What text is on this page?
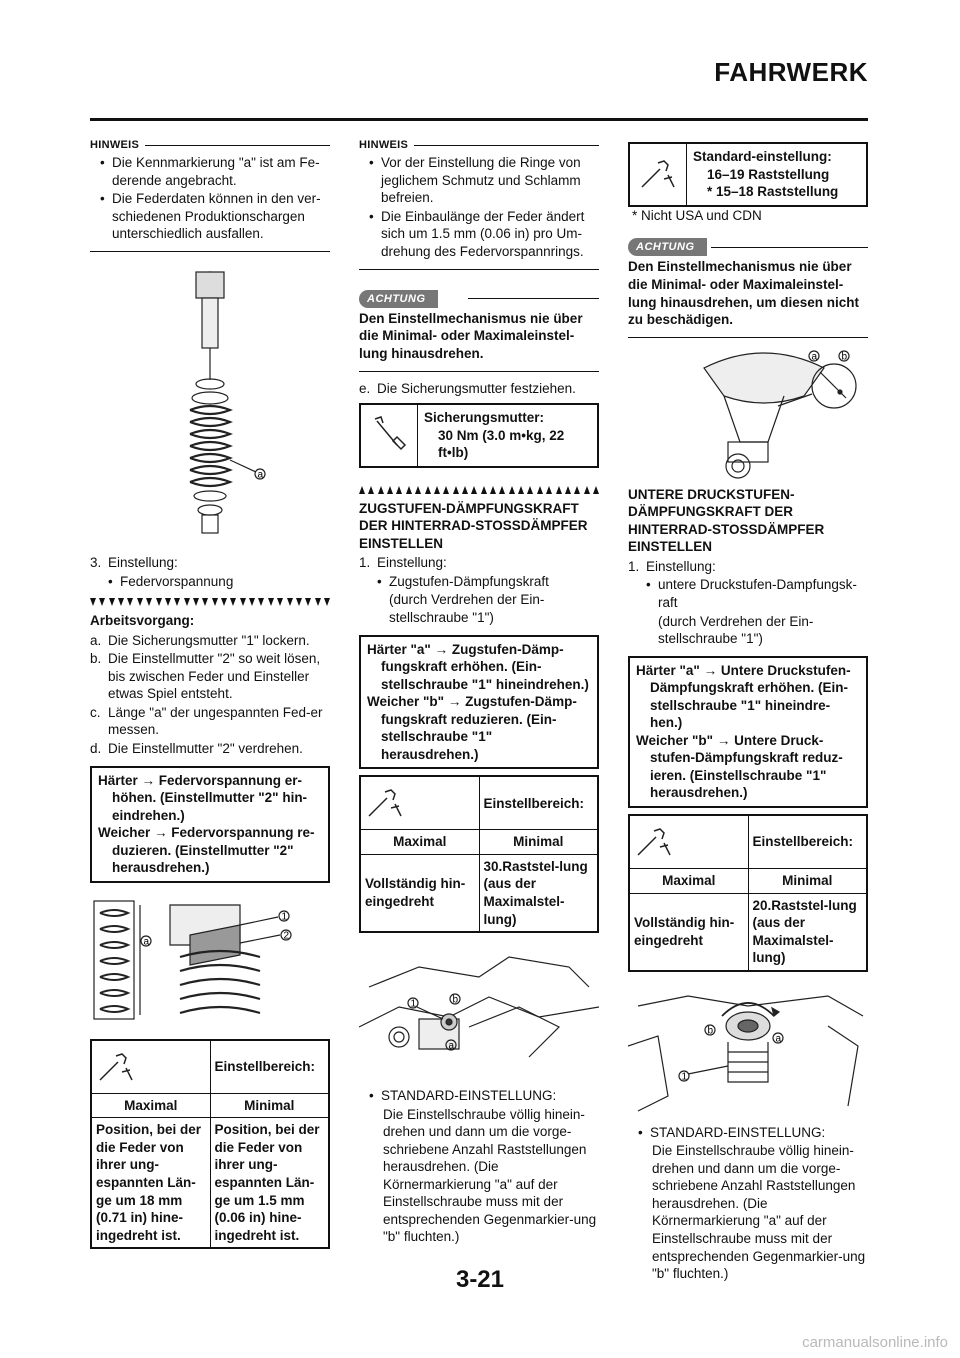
FAHRWERK
HINWEIS
• Die Kennmarkierung "a" ist am Fe-derende angebracht.
• Die Federdaten können in den ver-schiedenen Produktionschargen unterschiedlich ausfallen.
a
3. Einstellung:
• Federvorspannung
Arbeitsvorgang:
a. Die Sicherungsmutter "1" lockern.
b. Die Einstellmutter "2" so weit lösen, bis zwischen Feder und Einsteller etwas Spiel entsteht.
c. Länge "a" der ungespannten Fed-er messen.
d. Die Einstellmutter "2" verdrehen.
Härter → Federvorspannung er-höhen. (Einstellmutter "2" hin-eindrehen.)
Weicher → Federvorspannung re-duzieren. (Einstellmutter "2" herausdrehen.)
a
1
2
	Einstellbereich:
Maximal	Minimal
Position, bei der die Feder von ihrer ung-espannten Län-ge um 18 mm (0.71 in) hine-ingedreht ist.	Position, bei der die Feder von ihrer ung-espannten Län-ge um 1.5 mm (0.06 in) hine-ingedreht ist.
HINWEIS
• Vor der Einstellung die Ringe von jeglichem Schmutz und Schlamm befreien.
• Die Einbaulänge der Feder ändert sich um 1.5 mm (0.06 in) pro Um-drehung des Federvorspannrings.
ACHTUNG
Den Einstellmechanismus nie über die Minimal- oder Maximaleinstel-lung hinausdrehen.
e. Die Sicherungsmutter festziehen.
Sicherungsmutter:
30 Nm (3.0 m•kg, 22 ft•lb)
ZUGSTUFEN-DÄMPFUNGSKRAFT DER HINTERRAD-STOSSDÄMPFER EINSTELLEN
1. Einstellung:
• Zugstufen-Dämpfungskraft
(durch Verdrehen der Ein-stellschraube "1")
Härter "a" → Zugstufen-Dämp-fungskraft erhöhen. (Ein-stellschraube "1" hineindrehen.)
Weicher "b" → Zugstufen-Dämp-fungskraft reduzieren. (Ein-stellschraube "1" herausdrehen.)
	Einstellbereich:
Maximal	Minimal
Vollständig hin-eingedreht	30.Raststel-lung (aus der Maximalstel-lung)
1	b
a
• STANDARD-EINSTELLUNG:
Die Einstellschraube völlig hinein-drehen und dann um die vorge-schriebene Anzahl Raststellungen herausdrehen. (Die Körnermarkierung "a" auf der Einstellschraube muss mit der entsprechenden Gegenmarkier-ung "b" fluchten.)
Standard-einstellung:
16–19 Raststellung
* 15–18 Raststellung
* Nicht USA und CDN
ACHTUNG
Den Einstellmechanismus nie über die Minimal- oder Maximaleinstel-lung hinausdrehen, um diesen nicht zu beschädigen.
a b
UNTERE DRUCKSTUFEN-DÄMPFUNGSKRAFT DER HINTERRAD-STOSSDÄMPFER EINSTELLEN
1. Einstellung:
• untere Druckstufen-Dampfungsk-raft
(durch Verdrehen der Ein-stellschraube "1")
Härter "a" → Untere Druckstufen-Dämpfungskraft erhöhen. (Ein-stellschraube "1" hineindre-hen.)
Weicher "b" → Untere Druck-stufen-Dämpfungskraft reduz-ieren. (Einstellschraube "1" herausdrehen.)
	Einstellbereich:
Maximal	Minimal
Vollständig hin-eingedreht	20.Raststel-lung (aus der Maximalstel-lung)
b
a
1
• STANDARD-EINSTELLUNG:
Die Einstellschraube völlig hinein-drehen und dann um die vorge-schriebene Anzahl Raststellungen herausdrehen. (Die Körnermarkierung "a" auf der Einstellschraube muss mit der entsprechenden Gegenmarkier-ung "b" fluchten.)
3-21
carmanualsonline.info
